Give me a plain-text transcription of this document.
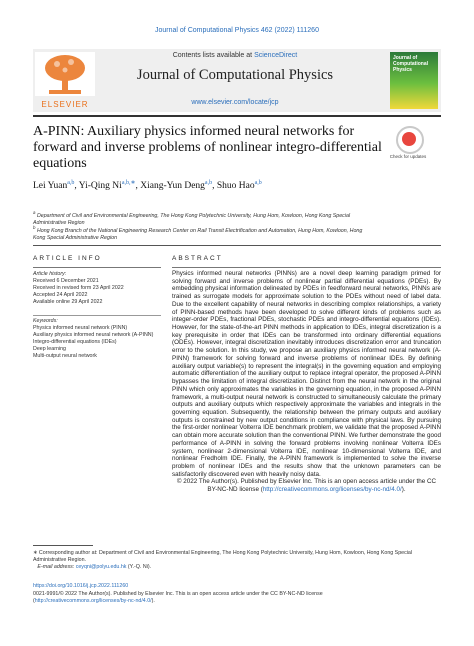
Journal of Computational Physics 462 (2022) 111260
ELSEVIER
Contents lists available at ScienceDirect
Journal of Computational Physics
www.elsevier.com/locate/jcp
Journal of Computational Physics
A-PINN: Auxiliary physics informed neural networks for forward and inverse problems of nonlinear integro-differential equations	Check for updates
Lei Yuan$^{a,b}$, Yi-Qing $Ni^{a,b,∗}$, Xiang-Yun Deng$^{a,b}$, Shuo Hao$^{a,b}$
$^a$ Department of Civil and Environmental Engineering, The Hong Kong Polytechnic University, Hung Hom, Kowloon, Hong Kong Special Administrative Region
$^b$ Hong Kong Branch of the National Engineering Research Center on Rail Transit Electrification and Automation, Hung Hom, Kowloon, Hong Kong Special Administrative Region
ARTICLE INFO	ABSTRACT
Article history:
Received 6 December 2021
Received in revised form 23 April 2022
Accepted 24 April 2022
Available online 29 April 2022
Keywords:
Physics informed neural network (PINN)
Auxiliary physics informed neural network (A-PINN)
Integro-differential equations (IDEs)
Deep learning
Multi-output neural network
Physics informed neural networks (PINNs) are a novel deep learning paradigm primed for solving forward and inverse problems of nonlinear partial differential equations (PDEs). By embedding physical information delineated by PDEs in feedforward neural networks, PINNs are trained as surrogate models for approximate solution to the PDEs without need of label data. Due to the excellent capability of neural networks in describing complex relationships, a variety of PINN-based methods have been developed to solve different kinds of problems such as integer-order PDEs, fractional PDEs, stochastic PDEs and integro-differential equations (IDEs). However, for the state-of-the-art PINN methods in application to IDEs, integral discretization is a key prerequisite in order that IDEs can be transformed into ordinary differential equations (ODEs). However, integral discretization inevitably introduces discretization error and truncation error to the solution. In this study, we propose an auxiliary physics informed neural network (A-PINN) framework for solving forward and inverse problems of nonlinear IDEs. By defining auxiliary output variable(s) to represent the integral(s) in the governing equation and employing automatic differentiation of the auxiliary output to replace integral operator, the proposed A-PINN bypasses the limitation of integral discretization. Distinct from the neural network in the original PINN which only approximates the variables in the governing equation, in the proposed A-PINN framework, a multi-output neural network is constructed to simultaneously calculate the primary outputs and auxiliary outputs which respectively approximate the variables and integrals in the governing equation. Subsequently, the relationship between the primary outputs and auxiliary outputs is constrained by new output conditions in compliance with physical laws. By pursuing the first-order nonlinear Volterra IDE benchmark problem, we validate that the proposed A-PINN can obtain more accurate solution than the conventional PINN. We further demonstrate the good performance of A-PINN in solving the forward problems involving nonlinear Volterra IDEs system, nonlinear 2-dimensional Volterra IDE, nonlinear 10-dimensional Volterra IDE, and nonlinear Fredholm IDE. Finally, the A-PINN framework is implemented to solve the inverse problem of nonlinear IDEs and the results show that the unknown parameters can be satisfactorily discovered even with heavily noisy data.
© 2022 The Author(s). Published by Elsevier Inc. This is an open access article under the CC BY-NC-ND license (http://creativecommons.org/licenses/by-nc-nd/4.0/).
∗ Corresponding author at: Department of Civil and Environmental Engineering, The Hong Kong Polytechnic University, Hung Hom, Kowloon, Hong Kong Special Administrative Region.
E-mail address: ceyqni@polyu.edu.hk (Y.-Q. Ni).
https://doi.org/10.1016/j.jcp.2022.111260
0021-9991/© 2022 The Author(s). Published by Elsevier Inc. This is an open access article under the CC BY-NC-ND license
(http://creativecommons.org/licenses/by-nc-nd/4.0/).
